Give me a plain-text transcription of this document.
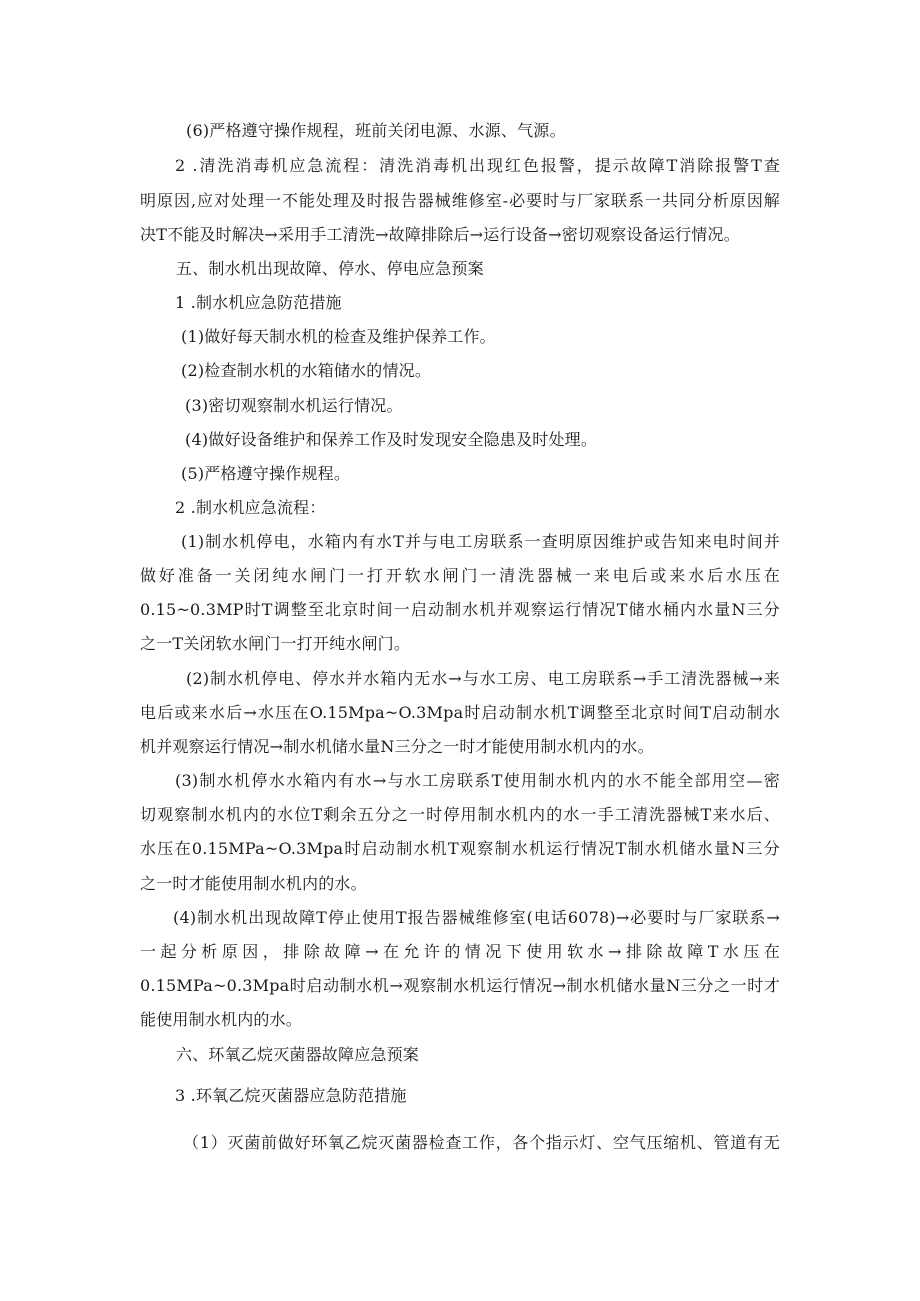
(6)严格遵守操作规程，班前关闭电源、水源、气源。
2 .清洗消毒机应急流程：清洗消毒机出现红色报警，提示故障T消除报警T查
明原因,应对处理一不能处理及时报告器械维修室-必要时与厂家联系一共同分析原因解
决T不能及时解决→采用手工清洗→故障排除后→运行设备→密切观察设备运行情况。
五、制水机出现故障、停水、停电应急预案
1 .制水机应急防范措施
(1)做好每天制水机的检查及维护保养工作。
(2)检查制水机的水箱储水的情况。
(3)密切观察制水机运行情况。
(4)做好设备维护和保养工作及时发现安全隐患及时处理。
(5)严格遵守操作规程。
2 .制水机应急流程：
(1)制水机停电，水箱内有水T并与电工房联系一查明原因维护或告知来电时间并
做好准备一关闭纯水闸门一打开软水闸门一清洗器械一来电后或来水后水压在
0.15~0.3MP时T调整至北京时间一启动制水机并观察运行情况T储水桶内水量N三分
之一T关闭软水闸门一打开纯水闸门。
(2)制水机停电、停水并水箱内无水→与水工房、电工房联系→手工清洗器械→来
电后或来水后→水压在O.15Mpa~O.3Mpa时启动制水机T调整至北京时间T启动制水
机并观察运行情况→制水机储水量N三分之一时才能使用制水机内的水。
(3)制水机停水水箱内有水→与水工房联系T使用制水机内的水不能全部用空—密
切观察制水机内的水位T剩余五分之一时停用制水机内的水一手工清洗器械T来水后、
水压在0.15MPa~O.3Mpa时启动制水机T观察制水机运行情况T制水机储水量N三分
之一时才能使用制水机内的水。
(4)制水机出现故障T停止使用T报告器械维修室(电话6078)→必要时与厂家联系→
一起分析原因，排除故障→在允许的情况下使用软水→排除故障T水压在
0.15MPa~0.3Mpa时启动制水机→观察制水机运行情况→制水机储水量N三分之一时才
能使用制水机内的水。
六、环氧乙烷灭菌器故障应急预案
3 .环氧乙烷灭菌器应急防范措施
（1）灭菌前做好环氧乙烷灭菌器检查工作，各个指示灯、空气压缩机、管道有无
